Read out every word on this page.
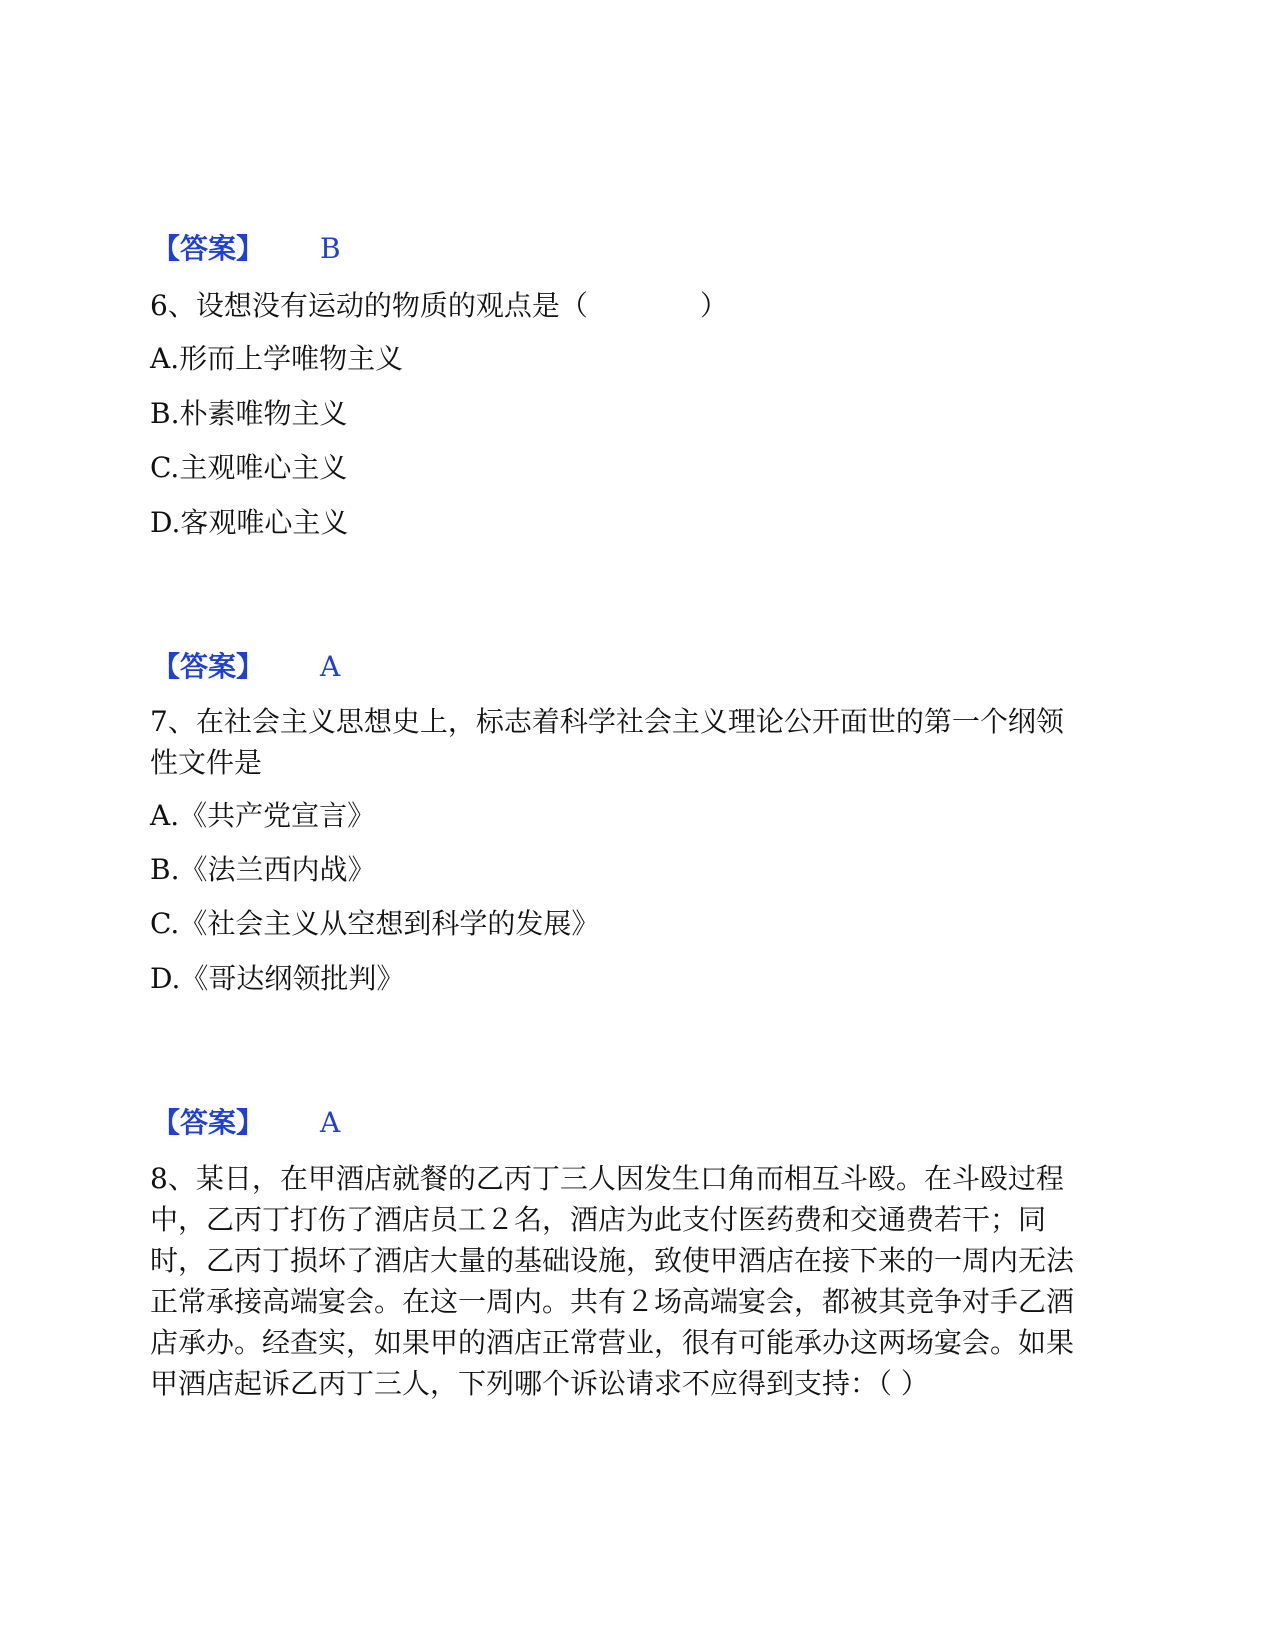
【答案】 B
6、设想没有运动的物质的观点是（　　　　）
A.形而上学唯物主义
B.朴素唯物主义
C.主观唯心主义
D.客观唯心主义
【答案】 A
7、在社会主义思想史上，标志着科学社会主义理论公开面世的第一个纲领性文件是
A.《共产党宣言》
B.《法兰西内战》
C.《社会主义从空想到科学的发展》
D.《哥达纲领批判》
【答案】 A
8、某日，在甲酒店就餐的乙丙丁三人因发生口角而相互斗殴。在斗殴过程中，乙丙丁打伤了酒店员工２名，酒店为此支付医药费和交通费若干；同时，乙丙丁损坏了酒店大量的基础设施，致使甲酒店在接下来的一周内无法正常承接高端宴会。在这一周内。共有２场高端宴会，都被其竞争对手乙酒店承办。经查实，如果甲的酒店正常营业，很有可能承办这两场宴会。如果甲酒店起诉乙丙丁三人，下列哪个诉讼请求不应得到支持：（ ）
